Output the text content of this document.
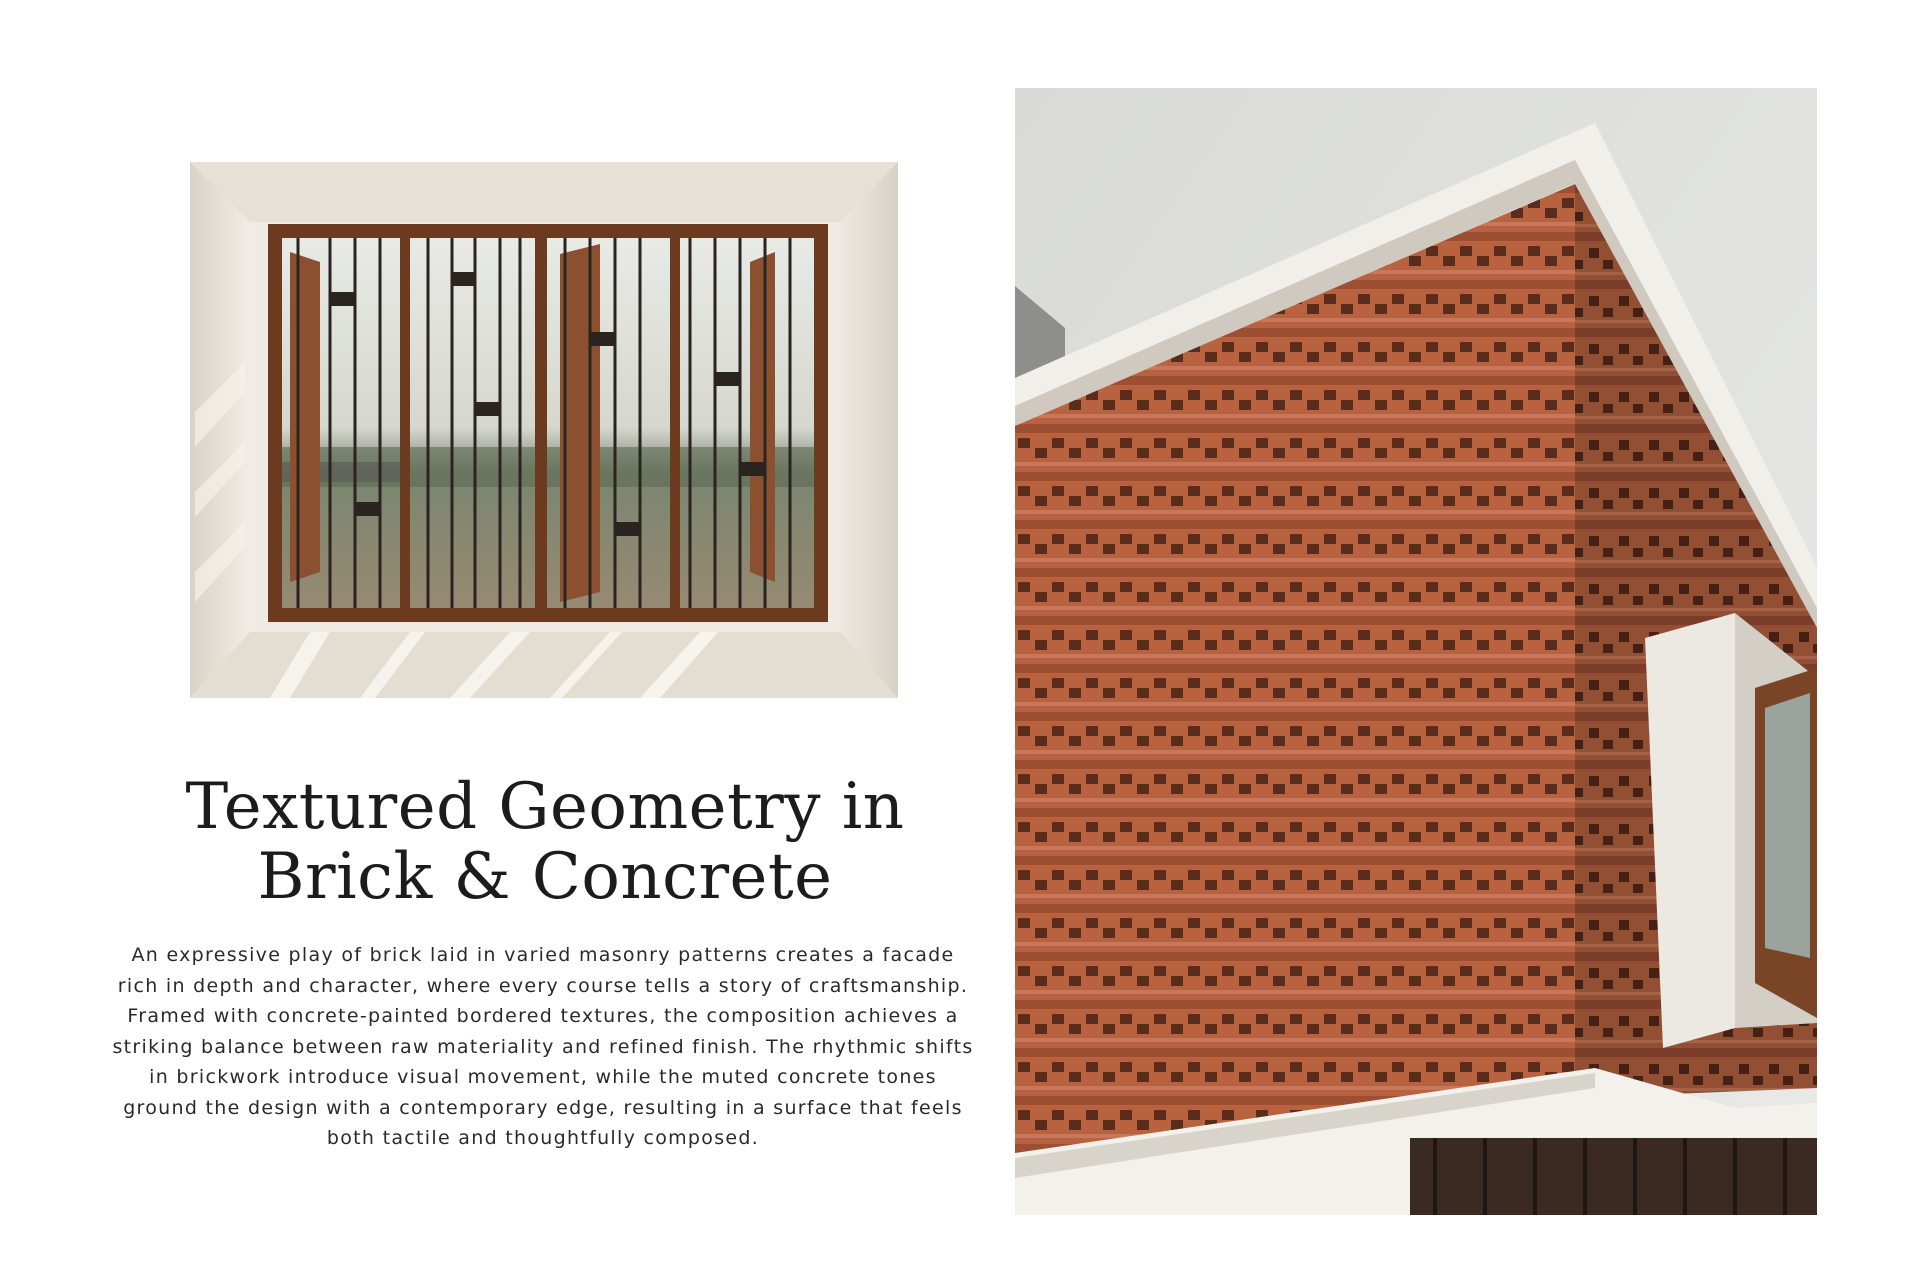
Textured Geometry in
Brick & Concrete

An expressive play of brick laid in varied masonry patterns creates a facade rich in depth and character, where every course tells a story of craftsmanship. Framed with concrete-painted bordered textures, the composition achieves a striking balance between raw materiality and refined finish. The rhythmic shifts in brickwork introduce visual movement, while the muted concrete tones ground the design with a contemporary edge, resulting in a surface that feels both tactile and thoughtfully composed.
